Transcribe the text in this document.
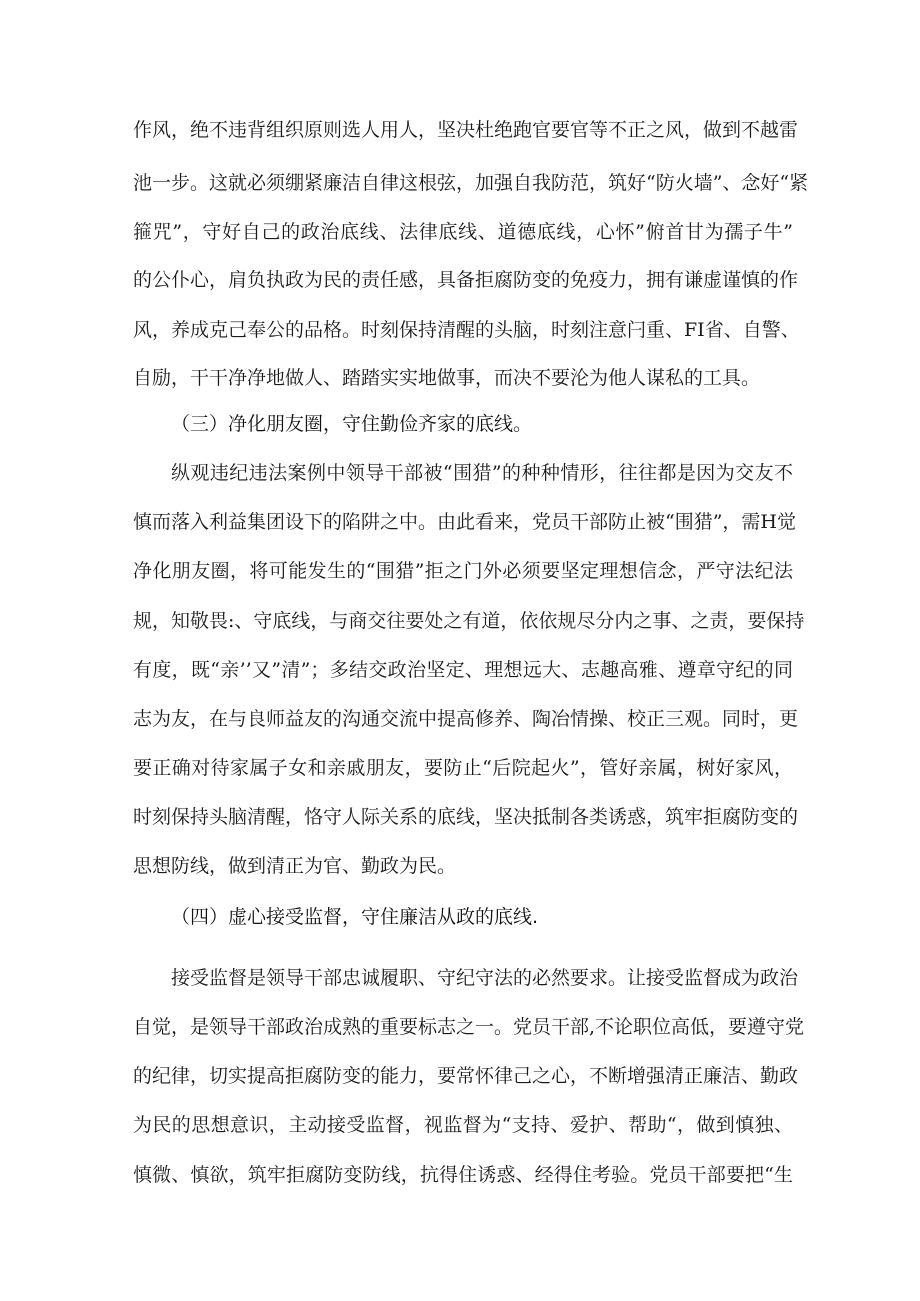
作风，绝不违背组织原则选人用人，坚决杜绝跑官要官等不正之风，做到不越雷
池一步。这就必须绷紧廉洁自律这根弦，加强自我防范，筑好“防火墙”、念好“紧
箍咒”，守好自己的政治底线、法律底线、道德底线，心怀”俯首甘为孺子牛”
的公仆心，肩负执政为民的责任感，具备拒腐防变的免疫力，拥有谦虚谨慎的作
风，养成克己奉公的品格。时刻保持清醒的头脑，时刻注意闩重、FI省、自警、
自励，干干净净地做人、踏踏实实地做事，而决不要沦为他人谋私的工具。
（三）净化朋友圈，守住勤俭齐家的底线。
纵观违纪违法案例中领导干部被“围猎”的种种情形，往往都是因为交友不
慎而落入利益集团设下的陷阱之中。由此看来，党员干部防止被“围猎”，需H觉
净化朋友圈，将可能发生的“围猎”拒之门外必须要坚定理想信念，严守法纪法
规，知敬畏:、守底线，与商交往要处之有道，依依规尽分内之事、之责，要保持
有度，既“亲’’又”清”；多结交政治坚定、理想远大、志趣高雅、遵章守纪的同
志为友，在与良师益友的沟通交流中提高修养、陶冶情操、校正三观。同时，更
要正确对待家属子女和亲戚朋友，要防止“后院起火”，管好亲属，树好家风，
时刻保持头脑清醒，恪守人际关系的底线，坚决抵制各类诱惑，筑牢拒腐防变的
思想防线，做到清正为官、勤政为民。
（四）虚心接受监督，守住廉洁从政的底线.
接受监督是领导干部忠诚履职、守纪守法的必然要求。让接受监督成为政治
自觉，是领导干部政治成熟的重要标志之一。党员干部,不论职位高低，要遵守党
的纪律，切实提高拒腐防变的能力，要常怀律己之心，不断增强清正廉洁、勤政
为民的思想意识，主动接受监督，视监督为“支持、爱护、帮助“，做到慎独、
慎微、慎欲，筑牢拒腐防变防线，抗得住诱惑、经得住考验。党员干部要把“生
